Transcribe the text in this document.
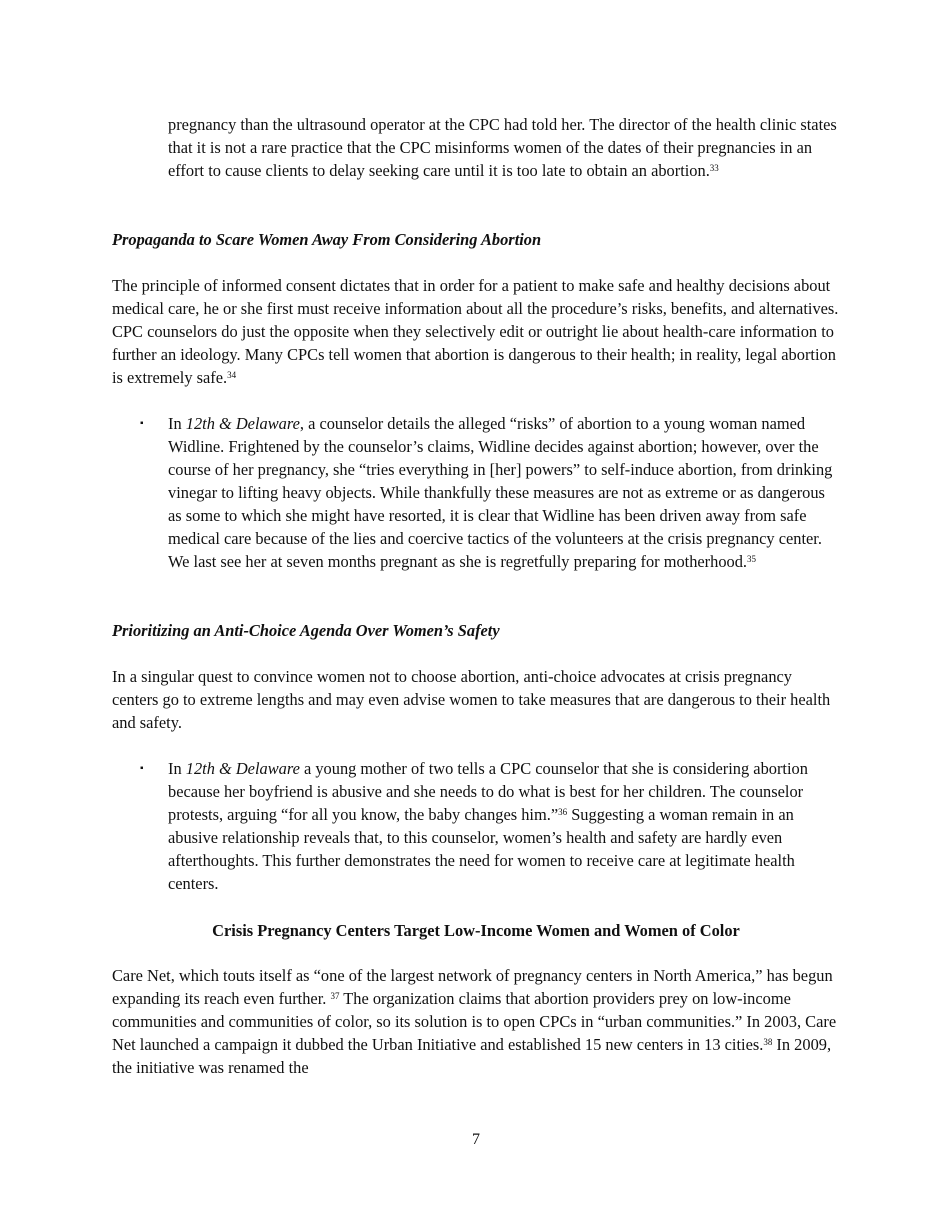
pregnancy than the ultrasound operator at the CPC had told her. The director of the health clinic states that it is not a rare practice that the CPC misinforms women of the dates of their pregnancies in an effort to cause clients to delay seeking care until it is too late to obtain an abortion.$^{33}$
Propaganda to Scare Women Away From Considering Abortion
The principle of informed consent dictates that in order for a patient to make safe and healthy decisions about medical care, he or she first must receive information about all the procedure’s risks, benefits, and alternatives. CPC counselors do just the opposite when they selectively edit or outright lie about health-care information to further an ideology. Many CPCs tell women that abortion is dangerous to their health; in reality, legal abortion is extremely safe.$^{34}$
▪ In 12th & Delaware, a counselor details the alleged “risks” of abortion to a young woman named Widline. Frightened by the counselor’s claims, Widline decides against abortion; however, over the course of her pregnancy, she “tries everything in [her] powers” to self-induce abortion, from drinking vinegar to lifting heavy objects. While thankfully these measures are not as extreme or as dangerous as some to which she might have resorted, it is clear that Widline has been driven away from safe medical care because of the lies and coercive tactics of the volunteers at the crisis pregnancy center. We last see her at seven months pregnant as she is regretfully preparing for motherhood.$^{35}$
Prioritizing an Anti-Choice Agenda Over Women’s Safety
In a singular quest to convince women not to choose abortion, anti-choice advocates at crisis pregnancy centers go to extreme lengths and may even advise women to take measures that are dangerous to their health and safety.
▪ In 12th & Delaware a young mother of two tells a CPC counselor that she is considering abortion because her boyfriend is abusive and she needs to do what is best for her children. The counselor protests, arguing “for all you know, the baby changes him.”$^{36}$ Suggesting a woman remain in an abusive relationship reveals that, to this counselor, women’s health and safety are hardly even afterthoughts. This further demonstrates the need for women to receive care at legitimate health centers.
Crisis Pregnancy Centers Target Low-Income Women and Women of Color
Care Net, which touts itself as “one of the largest network of pregnancy centers in North America,” has begun expanding its reach even further. $^{37}$ The organization claims that abortion providers prey on low-income communities and communities of color, so its solution is to open CPCs in “urban communities.” In 2003, Care Net launched a campaign it dubbed the Urban Initiative and established 15 new centers in 13 cities.$^{38}$ In 2009, the initiative was renamed the
7
